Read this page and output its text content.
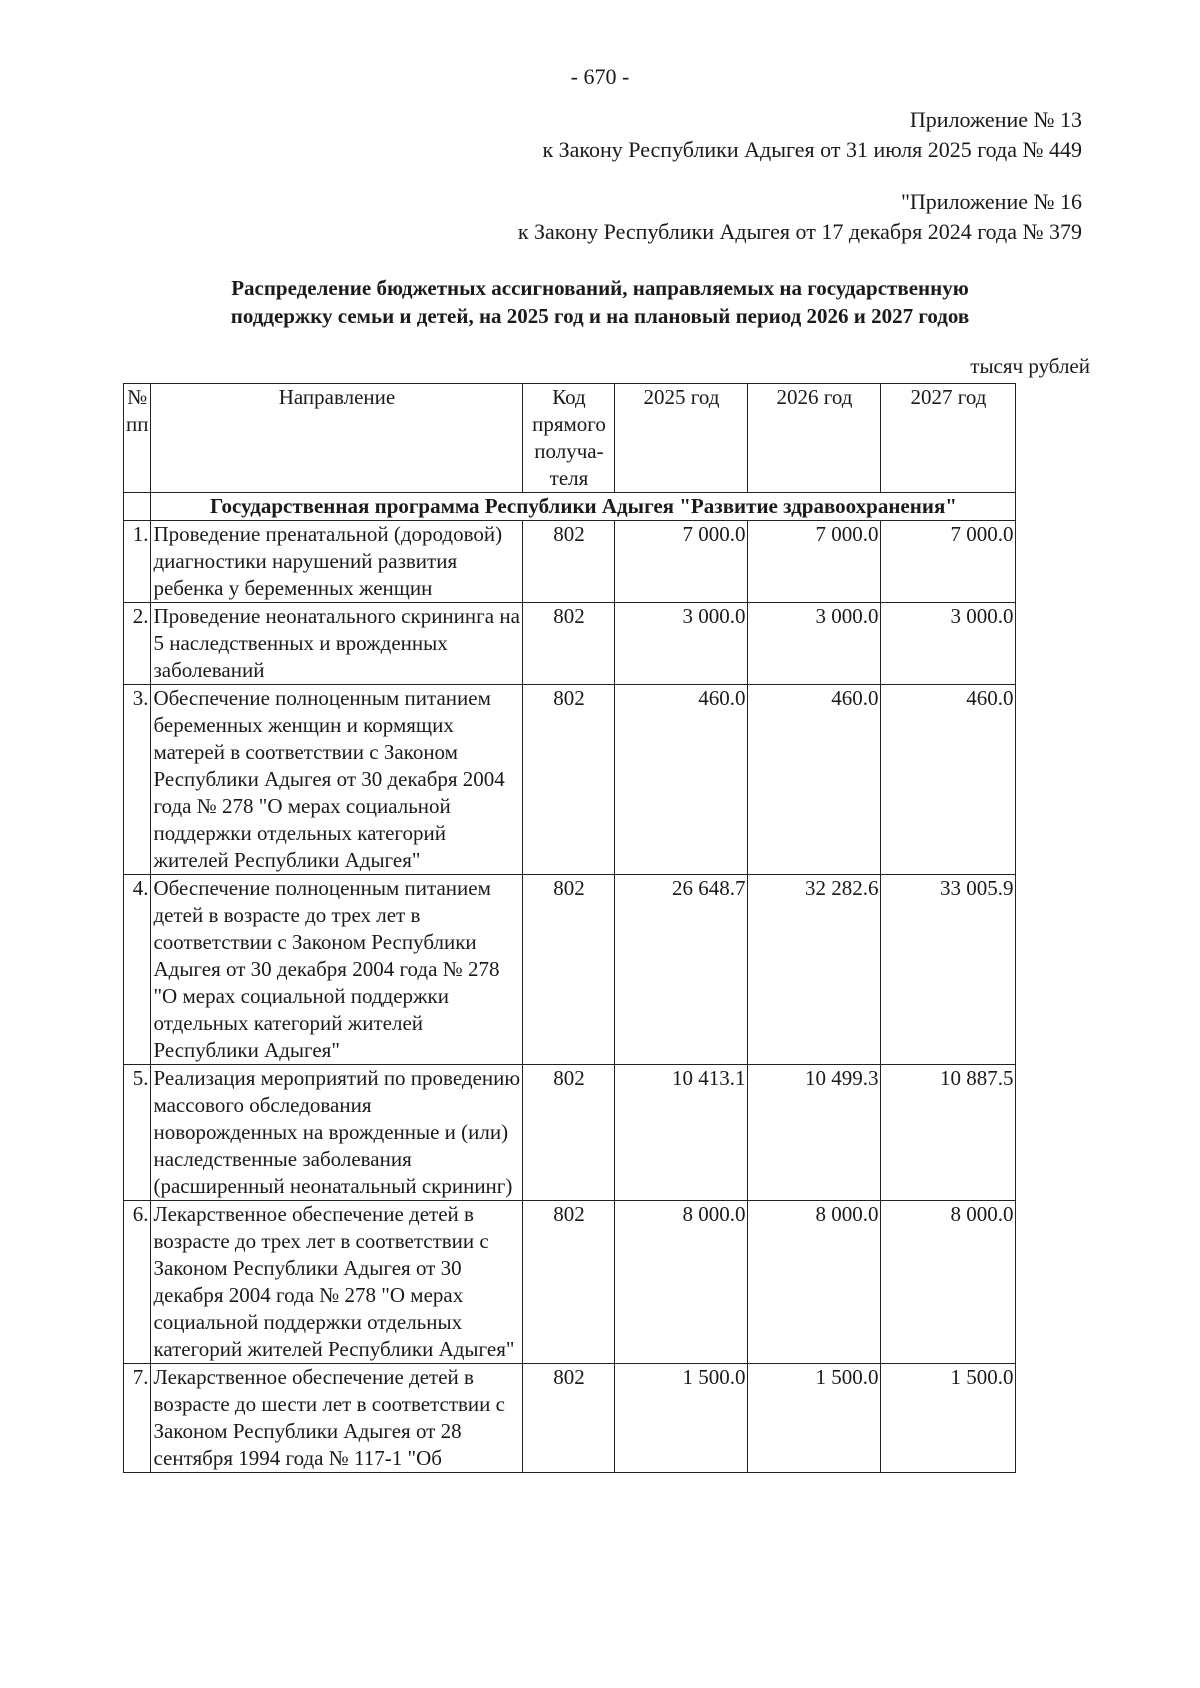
- 670 -
Приложение № 13
к Закону Республики Адыгея от 31 июля 2025 года № 449
"Приложение № 16
к Закону Республики Адыгея от 17 декабря 2024 года № 379
Распределение бюджетных ассигнований, направляемых на государственную
поддержку семьи и детей, на 2025 год и на плановый период 2026 и 2027 годов
тысяч рублей
№ пп	Направление	Код прямого получа-теля	2025 год	2026 год	2027 год
	Государственная программа Республики Адыгея "Развитие здравоохранения"				
1.	Проведение пренатальной (дородовой) диагностики нарушений развития ребенка у беременных женщин	802	7 000.0	7 000.0	7 000.0
2.	Проведение неонатального скрининга на 5 наследственных и врожденных заболеваний	802	3 000.0	3 000.0	3 000.0
3.	Обеспечение полноценным питанием беременных женщин и кормящих матерей в соответствии с Законом Республики Адыгея от 30 декабря 2004 года № 278 "О мерах социальной поддержки отдельных категорий жителей Республики Адыгея"	802	460.0	460.0	460.0
4.	Обеспечение полноценным питанием детей в возрасте до трех лет в соответствии с Законом Республики Адыгея от 30 декабря 2004 года № 278 "О мерах социальной поддержки отдельных категорий жителей Республики Адыгея"	802	26 648.7	32 282.6	33 005.9
5.	Реализация мероприятий по проведению массового обследования новорожденных на врожденные и (или) наследственные заболевания (расширенный неонатальный скрининг)	802	10 413.1	10 499.3	10 887.5
6.	Лекарственное обеспечение детей в возрасте до трех лет в соответствии с Законом Республики Адыгея от 30 декабря 2004 года № 278 "О мерах социальной поддержки отдельных категорий жителей Республики Адыгея"	802	8 000.0	8 000.0	8 000.0
7.	Лекарственное обеспечение детей в возрасте до шести лет в соответствии с Законом Республики Адыгея от 28 сентября 1994 года № 117-1 "Об	802	1 500.0	1 500.0	1 500.0
